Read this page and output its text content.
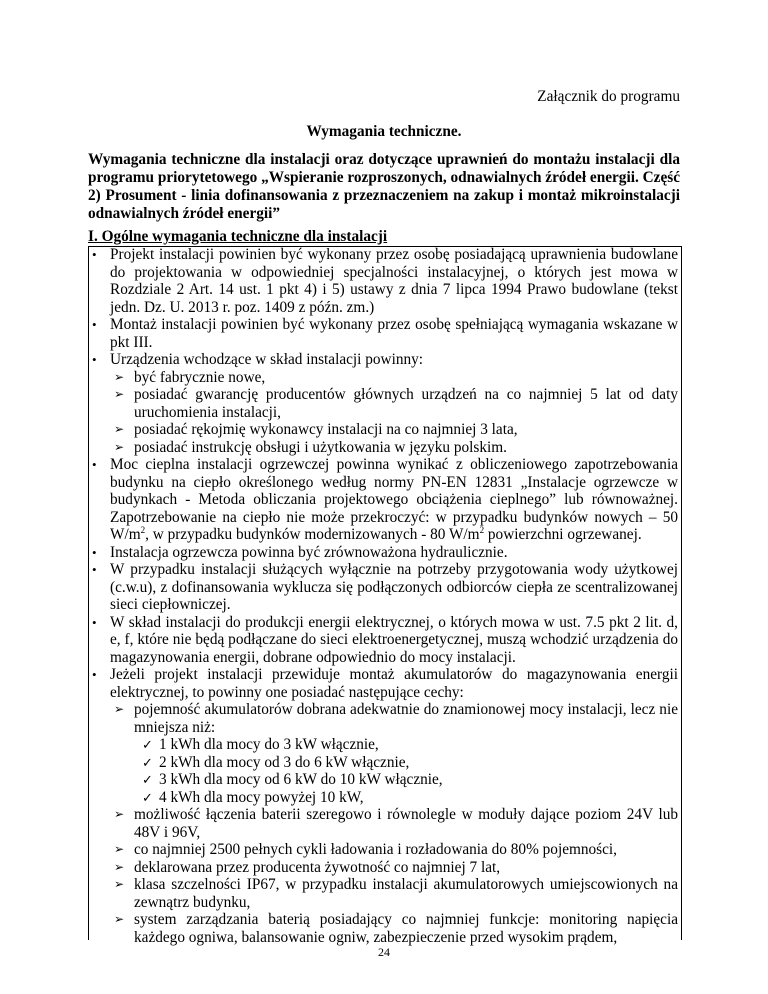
Załącznik do programu
Wymagania techniczne.
Wymagania techniczne dla instalacji oraz dotyczące uprawnień do montażu instalacji dla programu priorytetowego „Wspieranie rozproszonych, odnawialnych źródeł energii. Część 2) Prosument - linia dofinansowania z przeznaczeniem na zakup i montaż mikroinstalacji odnawialnych źródeł energii”
I. Ogólne wymagania techniczne dla instalacji
• Projekt instalacji powinien być wykonany przez osobę posiadającą uprawnienia budowlane do projektowania w odpowiedniej specjalności instalacyjnej, o których jest mowa w Rozdziale 2 Art. 14 ust. 1 pkt 4) i 5) ustawy z dnia 7 lipca 1994 Prawo budowlane (tekst jedn. Dz. U. 2013 r. poz. 1409 z późn. zm.)
• Montaż instalacji powinien być wykonany przez osobę spełniającą wymagania wskazane w pkt III.
• Urządzenia wchodzące w skład instalacji powinny:
➢ być fabrycznie nowe,
➢ posiadać gwarancję producentów głównych urządzeń na co najmniej 5 lat od daty uruchomienia instalacji,
➢ posiadać rękojmię wykonawcy instalacji na co najmniej 3 lata,
➢ posiadać instrukcję obsługi i użytkowania w języku polskim.
• Moc cieplna instalacji ogrzewczej powinna wynikać z obliczeniowego zapotrzebowania budynku na ciepło określonego według normy PN-EN 12831 „Instalacje ogrzewcze w budynkach - Metoda obliczania projektowego obciążenia cieplnego” lub równoważnej. Zapotrzebowanie na ciepło nie może przekroczyć: w przypadku budynków nowych – 50 $W/m^2$, w przypadku budynków modernizowanych - 80 $W/m^2$ powierzchni ogrzewanej.
• Instalacja ogrzewcza powinna być zrównoważona hydraulicznie.
• W przypadku instalacji służących wyłącznie na potrzeby przygotowania wody użytkowej (c.w.u), z dofinansowania wyklucza się podłączonych odbiorców ciepła ze scentralizowanej sieci ciepłowniczej.
• W skład instalacji do produkcji energii elektrycznej, o których mowa w ust. 7.5 pkt 2 lit. d, e, f, które nie będą podłączane do sieci elektroenergetycznej, muszą wchodzić urządzenia do magazynowania energii, dobrane odpowiednio do mocy instalacji.
• Jeżeli projekt instalacji przewiduje montaż akumulatorów do magazynowania energii elektrycznej, to powinny one posiadać następujące cechy:
➢ pojemność akumulatorów dobrana adekwatnie do znamionowej mocy instalacji, lecz nie mniejsza niż:
✓ 1 kWh dla mocy do 3 kW włącznie,
✓ 2 kWh dla mocy od 3 do 6 kW włącznie,
✓ 3 kWh dla mocy od 6 kW do 10 kW włącznie,
✓ 4 kWh dla mocy powyżej 10 kW,
➢ możliwość łączenia baterii szeregowo i równolegle w moduły dające poziom 24V lub 48V i 96V,
➢ co najmniej 2500 pełnych cykli ładowania i rozładowania do 80% pojemności,
➢ deklarowana przez producenta żywotność co najmniej 7 lat,
➢ klasa szczelności IP67, w przypadku instalacji akumulatorowych umiejscowionych na zewnątrz budynku,
➢ system zarządzania baterią posiadający co najmniej funkcje: monitoring napięcia każdego ogniwa, balansowanie ogniw, zabezpieczenie przed wysokim prądem,
24
